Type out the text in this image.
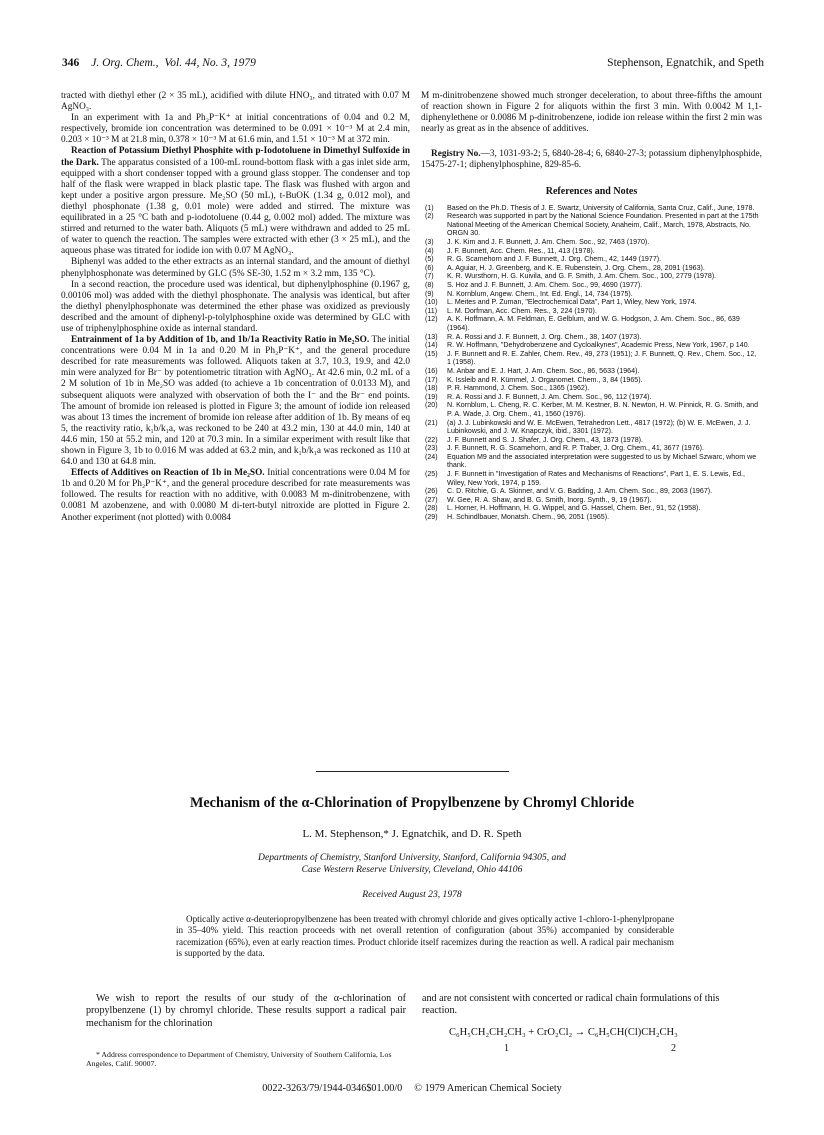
346 J. Org. Chem., Vol. 44, No. 3, 1979	Stephenson, Egnatchik, and Speth

tracted with diethyl ether (2 × 35 mL), acidified with dilute HNO₃, and titrated with 0.07 M AgNO₃.

In an experiment with 1a and Ph₂P⁻K⁺ at initial concentrations of 0.04 and 0.2 M, respectively, bromide ion concentration was determined to be 0.091 × 10⁻³ M at 2.4 min, 0.203 × 10⁻³ M at 21.8 min, 0.378 × 10⁻³ M at 61.6 min, and 1.51 × 10⁻³ M at 372 min.

Reaction of Potassium Diethyl Phosphite with p-Iodotoluene in Dimethyl Sulfoxide in the Dark. The apparatus consisted of a 100-mL round-bottom flask with a gas inlet side arm, equipped with a short condenser topped with a ground glass stopper. The condenser and top half of the flask were wrapped in black plastic tape. The flask was flushed with argon and kept under a positive argon pressure. Me₂SO (50 mL), t-BuOK (1.34 g, 0.012 mol), and diethyl phosphonate (1.38 g, 0.01 mole) were added and stirred. The mixture was equilibrated in a 25 °C bath and p-iodotoluene (0.44 g, 0.002 mol) added. The mixture was stirred and returned to the water bath. Aliquots (5 mL) were withdrawn and added to 25 mL of water to quench the reaction. The samples were extracted with ether (3 × 25 mL), and the aqueous phase was titrated for iodide ion with 0.07 M AgNO₃.

Biphenyl was added to the ether extracts as an internal standard, and the amount of diethyl phenylphosphonate was determined by GLC (5% SE-30, 1.52 m × 3.2 mm, 135 °C).

In a second reaction, the procedure used was identical, but diphenylphosphine (0.1967 g, 0.00106 mol) was added with the diethyl phosphonate. The analysis was identical, but after the diethyl phenylphosphonate was determined the ether phase was oxidized as previously described and the amount of diphenyl-p-tolylphosphine oxide was determined by GLC with use of triphenylphosphine oxide as internal standard.

Entrainment of 1a by Addition of 1b, and 1b/1a Reactivity Ratio in Me₂SO. The initial concentrations were 0.04 M in 1a and 0.20 M in Ph₂P⁻K⁺, and the general procedure described for rate measurements was followed. Aliquots taken at 3.7, 10.3, 19.9, and 42.0 min were analyzed for Br⁻ by potentiometric titration with AgNO₃. At 42.6 min, 0.2 mL of a 2 M solution of 1b in Me₂SO was added (to achieve a 1b concentration of 0.0133 M), and subsequent aliquots were analyzed with observation of both the I⁻ and the Br⁻ end points. The amount of bromide ion released is plotted in Figure 3; the amount of iodide ion released was about 13 times the increment of bromide ion release after addition of 1b. By means of eq 5, the reactivity ratio, k₁b/k₁a, was reckoned to be 240 at 43.2 min, 130 at 44.0 min, 140 at 44.6 min, 150 at 55.2 min, and 120 at 70.3 min. In a similar experiment with result like that shown in Figure 3, 1b to 0.016 M was added at 63.2 min, and k₁b/k₁a was reckoned as 110 at 64.0 and 130 at 64.8 min.

Effects of Additives on Reaction of 1b in Me₂SO. Initial concentrations were 0.04 M for 1b and 0.20 M for Ph₂P⁻K⁺, and the general procedure described for rate measurements was followed. The results for reaction with no additive, with 0.0083 M m-dinitrobenzene, with 0.0081 M azobenzene, and with 0.0080 M di-tert-butyl nitroxide are plotted in Figure 2. Another experiment (not plotted) with 0.0084

M m-dinitrobenzene showed much stronger deceleration, to about three-fifths the amount of reaction shown in Figure 2 for aliquots within the first 3 min. With 0.0042 M 1,1-diphenylethene or 0.0086 M p-dinitrobenzene, iodide ion release within the first 2 min was nearly as great as in the absence of additives.

Registry No.—3, 1031-93-2; 5, 6840-28-4; 6, 6840-27-3; potassium diphenylphosphide, 15475-27-1; diphenylphosphine, 829-85-6.

References and Notes
(1) Based on the Ph.D. Thesis of J. E. Swartz, University of California, Santa Cruz, Calif., June, 1978.
(2) Research was supported in part by the National Science Foundation. Presented in part at the 175th National Meeting of the American Chemical Society, Anaheim, Calif., March, 1978, Abstracts, No. ORGN 30.
(3) J. K. Kim and J. F. Bunnett, J. Am. Chem. Soc., 92, 7463 (1970).
(4) J. F. Bunnett, Acc. Chem. Res., 11, 413 (1978).
(5) R. G. Scamehorn and J. F. Bunnett, J. Org. Chem., 42, 1449 (1977).
(6) A. Aguiar, H. J. Greenberg, and K. E. Rubenstein, J. Org. Chem., 28, 2091 (1963).
(7) K. R. Wursthorn, H. G. Kuivila, and G. F. Smith, J. Am. Chem. Soc., 100, 2779 (1978).
(8) S. Hoz and J. F. Bunnett, J. Am. Chem. Soc., 99, 4690 (1977).
(9) N. Kornblum, Angew. Chem., Int. Ed. Engl., 14, 734 (1975).
(10) L. Meites and P. Zuman, "Electrochemical Data", Part 1, Wiley, New York, 1974.
(11) L. M. Dorfman, Acc. Chem. Res., 3, 224 (1970).
(12) A. K. Hoffmann, A. M. Feldman, E. Gelblum, and W. G. Hodgson, J. Am. Chem. Soc., 86, 639 (1964).
(13) R. A. Rossi and J. F. Bunnett, J. Org. Chem., 38, 1407 (1973).
(14) R. W. Hoffmann, "Dehydrobenzene and Cycloalkynes", Academic Press, New York, 1967, p 140.
(15) J. F. Bunnett and R. E. Zahler, Chem. Rev., 49, 273 (1951); J. F. Bunnett, Q. Rev., Chem. Soc., 12, 1 (1958).
(16) M. Anbar and E. J. Hart, J. Am. Chem. Soc., 86, 5633 (1964).
(17) K. Issleib and R. Kümmel, J. Organomet. Chem., 3, 84 (1965).
(18) P. R. Hammond, J. Chem. Soc., 1365 (1962).
(19) R. A. Rossi and J. F. Bunnett, J. Am. Chem. Soc., 96, 112 (1974).
(20) N. Kornblum, L. Cheng, R. C. Kerber, M. M. Kestner, B. N. Newton, H. W. Pinnick, R. G. Smith, and P. A. Wade, J. Org. Chem., 41, 1560 (1976).
(21) (a) J. J. Lubinkowski and W. E. McEwen, Tetrahedron Lett., 4817 (1972); (b) W. E. McEwen, J. J. Lubinkowski, and J. W. Knapczyk, ibid., 3301 (1972).
(22) J. F. Bunnett and S. J. Shafer, J. Org. Chem., 43, 1873 (1978).
(23) J. F. Bunnett, R. G. Scamehorn, and R. P. Traber, J. Org. Chem., 41, 3677 (1976).
(24) Equation M9 and the associated interpretation were suggested to us by Michael Szwarc, whom we thank.
(25) J. F. Bunnett in "Investigation of Rates and Mechanisms of Reactions", Part 1, E. S. Lewis, Ed., Wiley, New York, 1974, p 159.
(26) C. D. Ritchie, G. A. Skinner, and V. G. Badding, J. Am. Chem. Soc., 89, 2063 (1967).
(27) W. Gee, R. A. Shaw, and B. G. Smith, Inorg. Synth., 9, 19 (1967).
(28) L. Horner, H. Hoffmann, H. G. Wippel, and G. Hassel, Chem. Ber., 91, 52 (1958).
(29) H. Schindlbauer, Monatsh. Chem., 96, 2051 (1965).
Mechanism of the α-Chlorination of Propylbenzene by Chromyl Chloride
L. M. Stephenson,* J. Egnatchik, and D. R. Speth
Departments of Chemistry, Stanford University, Stanford, California 94305, and
Case Western Reserve University, Cleveland, Ohio 44106
Received August 23, 1978
Optically active α-deuteriopropylbenzene has been treated with chromyl chloride and gives optically active 1-chloro-1-phenylpropane in 35–40% yield. This reaction proceeds with net overall retention of configuration (about 35%) accompanied by considerable racemization (65%), even at early reaction times. Product chloride itself racemizes during the reaction as well. A radical pair mechanism is supported by the data.
We wish to report the results of our study of the α-chlorination of propylbenzene (1) by chromyl chloride. These results support a radical pair mechanism for the chlorination
and are not consistent with concerted or radical chain formulations of this reaction.
C₆H₅CH₂CH₂CH₃ + CrO₂Cl₂ → C₆H₅CH(Cl)CH₂CH₃
1	2
* Address correspondence to Department of Chemistry, University of Southern California, Los Angeles, Calif. 90007.
0022-3263/79/1944-0346$01.00/0 © 1979 American Chemical Society
